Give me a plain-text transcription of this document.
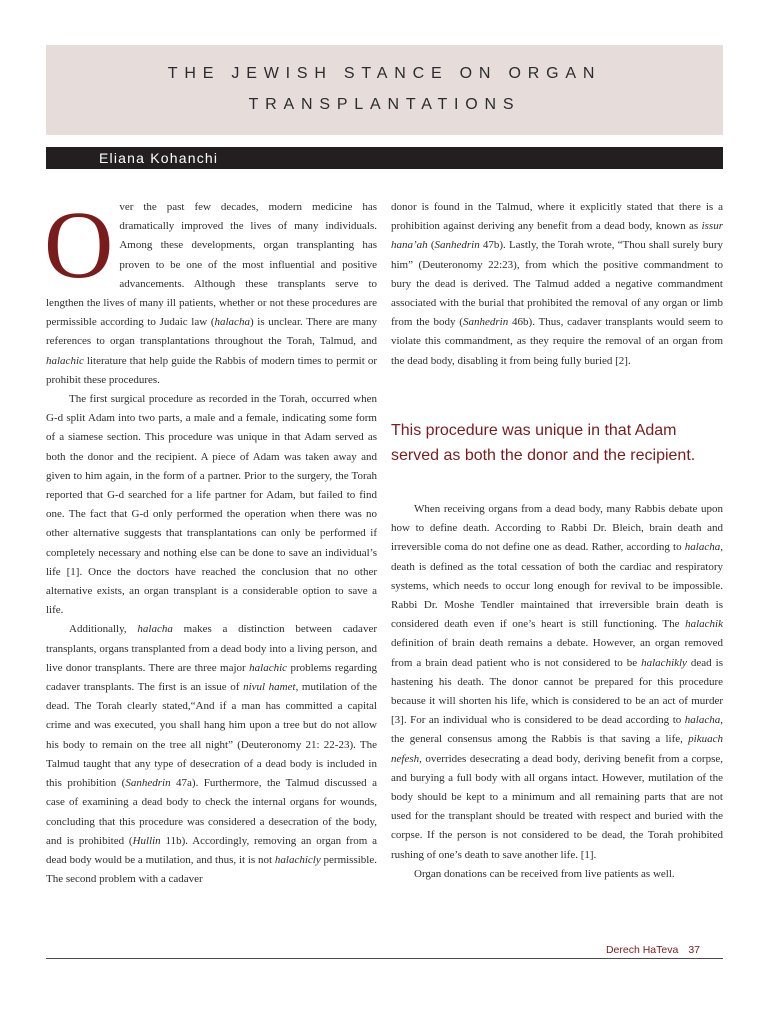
THE JEWISH STANCE ON ORGAN
TRANSPLANTATIONS
Eliana Kohanchi

Over the past few decades, modern medicine has dramatically improved the lives of many individuals. Among these developments, organ transplanting has proven to be one of the most influential and positive advancements. Although these transplants serve to lengthen the lives of many ill patients, whether or not these procedures are permissible according to Judaic law (halacha) is unclear. There are many references to organ transplantations throughout the Torah, Talmud, and halachic literature that help guide the Rabbis of modern times to permit or prohibit these procedures.

The first surgical procedure as recorded in the Torah, occurred when G-d split Adam into two parts, a male and a female, indicating some form of a siamese section. This procedure was unique in that Adam served as both the donor and the recipient. A piece of Adam was taken away and given to him again, in the form of a partner. Prior to the surgery, the Torah reported that G-d searched for a life partner for Adam, but failed to find one. The fact that G-d only performed the operation when there was no other alternative suggests that transplantations can only be performed if completely necessary and nothing else can be done to save an individual’s life [1]. Once the doctors have reached the conclusion that no other alternative exists, an organ transplant is a considerable option to save a life.

Additionally, halacha makes a distinction between cadaver transplants, organs transplanted from a dead body into a living person, and live donor transplants. There are three major halachic problems regarding cadaver transplants. The first is an issue of nivul hamet, mutilation of the dead. The Torah clearly stated,“And if a man has committed a capital crime and was executed, you shall hang him upon a tree but do not allow his body to remain on the tree all night” (Deuteronomy 21: 22-23). The Talmud taught that any type of desecration of a dead body is included in this prohibition (Sanhedrin 47a). Furthermore, the Talmud discussed a case of examining a dead body to check the internal organs for wounds, concluding that this procedure was considered a desecration of the body, and is prohibited (Hullin 11b). Accordingly, removing an organ from a dead body would be a mutilation, and thus, it is not halachicly permissible. The second problem with a cadaver

donor is found in the Talmud, where it explicitly stated that there is a prohibition against deriving any benefit from a dead body, known as issur hana’ah (Sanhedrin 47b). Lastly, the Torah wrote, “Thou shall surely bury him” (Deuteronomy 22:23), from which the positive commandment to bury the dead is derived. The Talmud added a negative commandment associated with the burial that prohibited the removal of any organ or limb from the body (Sanhedrin 46b). Thus, cadaver transplants would seem to violate this commandment, as they require the removal of an organ from the dead body, disabling it from being fully buried [2].

This procedure was unique in that Adam served as both the donor and the recipient.

When receiving organs from a dead body, many Rabbis debate upon how to define death. According to Rabbi Dr. Bleich, brain death and irreversible coma do not define one as dead. Rather, according to halacha, death is defined as the total cessation of both the cardiac and respiratory systems, which needs to occur long enough for revival to be impossible. Rabbi Dr. Moshe Tendler maintained that irreversible brain death is considered death even if one’s heart is still functioning. The halachik definition of brain death remains a debate. However, an organ removed from a brain dead patient who is not considered to be halachikly dead is hastening his death. The donor cannot be prepared for this procedure because it will shorten his life, which is considered to be an act of murder [3]. For an individual who is considered to be dead according to halacha, the general consensus among the Rabbis is that saving a life, pikuach nefesh, overrides desecrating a dead body, deriving benefit from a corpse, and burying a full body with all organs intact. However, mutilation of the body should be kept to a minimum and all remaining parts that are not used for the transplant should be treated with respect and buried with the corpse. If the person is not considered to be dead, the Torah prohibited rushing of one’s death to save another life. [1].

Organ donations can be received from live patients as well.

Derech HaTeva 37
